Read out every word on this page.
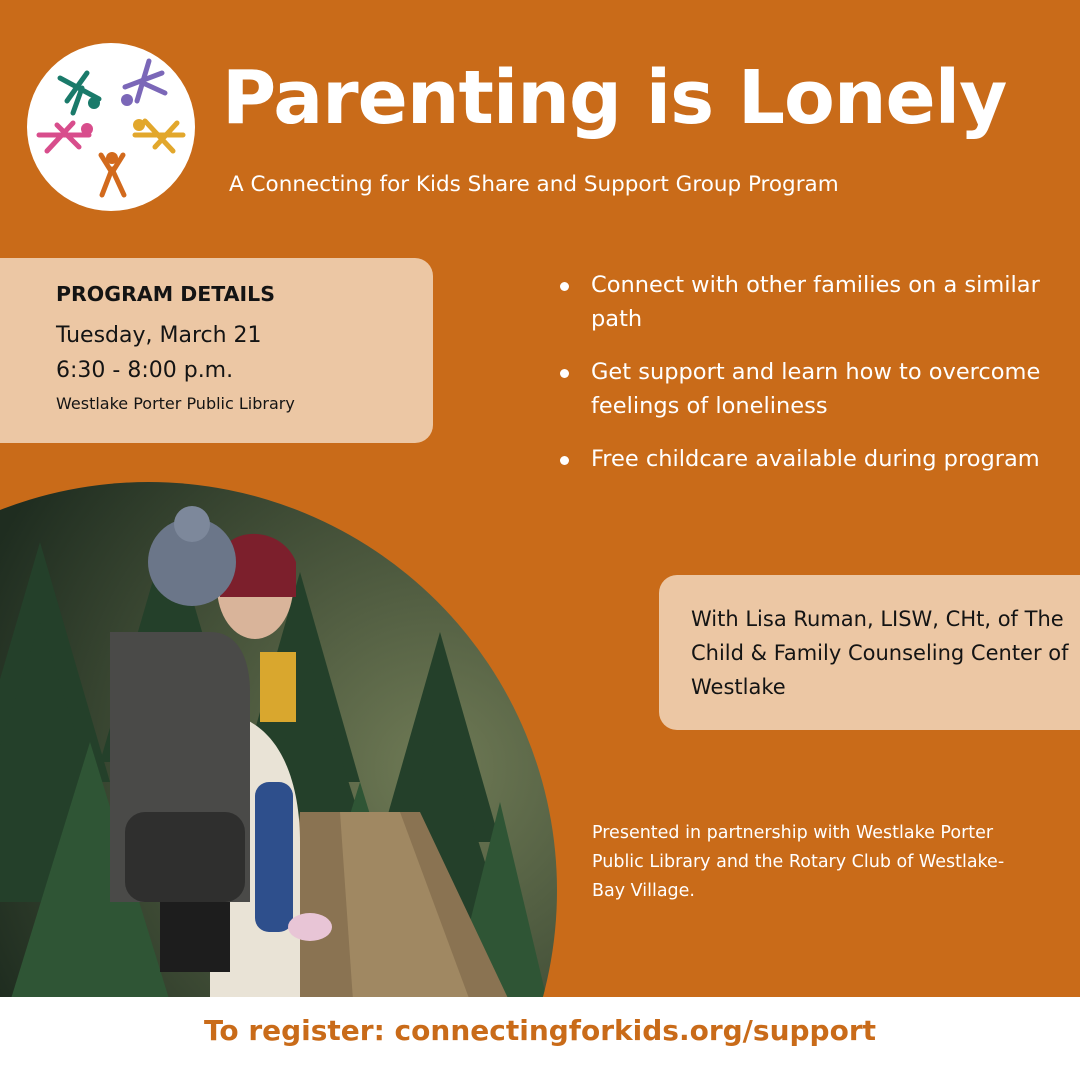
Parenting is Lonely
A Connecting for Kids Share and Support Group Program
PROGRAM DETAILS
Tuesday, March 21
6:30 - 8:00 p.m.
Westlake Porter Public Library
Connect with other families on a similar path
Get support and learn how to overcome feelings of loneliness
Free childcare available during program
With Lisa Ruman, LISW, CHt, of The Child & Family Counseling Center of Westlake
Presented in partnership with Westlake Porter Public Library and the Rotary Club of Westlake-Bay Village.
To register: connectingforkids.org/support
